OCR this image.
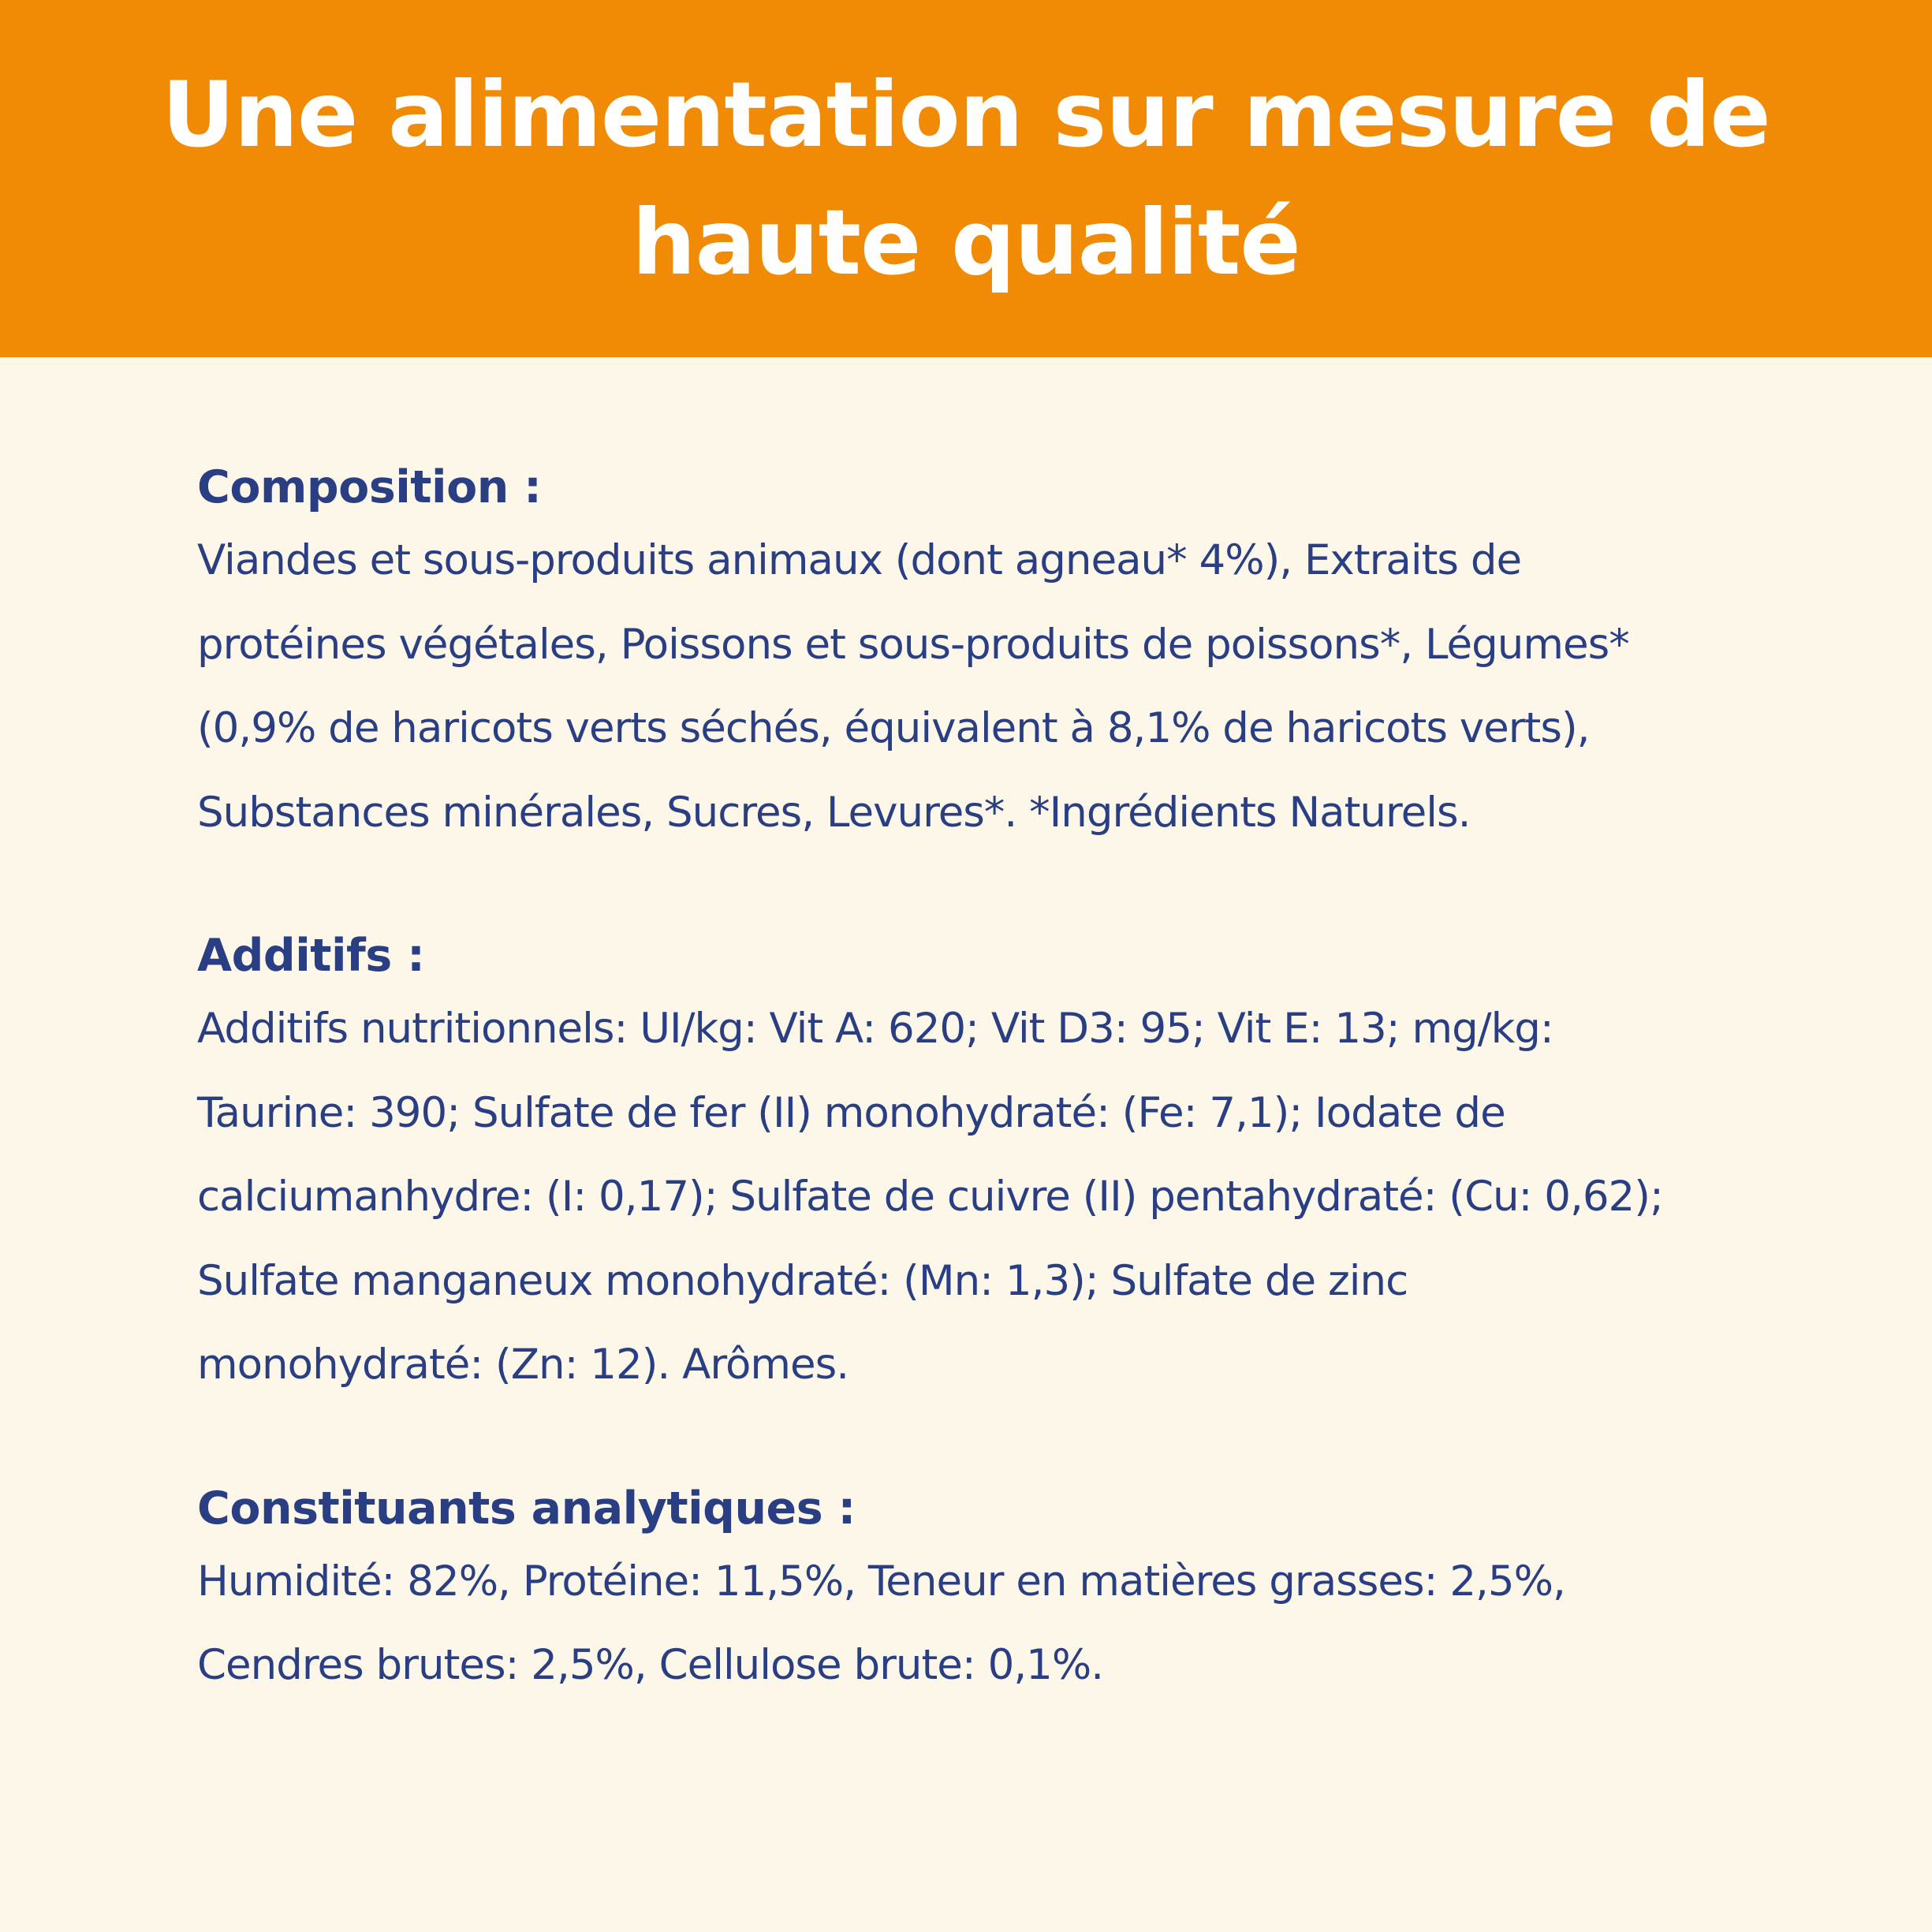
Une alimentation sur mesure de
haute qualité
Composition :

Viandes et sous-produits animaux (dont agneau* 4%), Extraits de
protéines végétales, Poissons et sous-produits de poissons*, Légumes*
(0,9% de haricots verts séchés, équivalent à 8,1% de haricots verts),
Substances minérales, Sucres, Levures*. *Ingrédients Naturels.

Additifs :

Additifs nutritionnels: UI/kg: Vit A: 620; Vit D3: 95; Vit E: 13; mg/kg:
Taurine: 390; Sulfate de fer (II) monohydraté: (Fe: 7,1); Iodate de
calciumanhydre: (I: 0,17); Sulfate de cuivre (II) pentahydraté: (Cu: 0,62);
Sulfate manganeux monohydraté: (Mn: 1,3); Sulfate de zinc
monohydraté: (Zn: 12). Arômes.

Constituants analytiques :

Humidité: 82%, Protéine: 11,5%, Teneur en matières grasses: 2,5%,
Cendres brutes: 2,5%, Cellulose brute: 0,1%.
